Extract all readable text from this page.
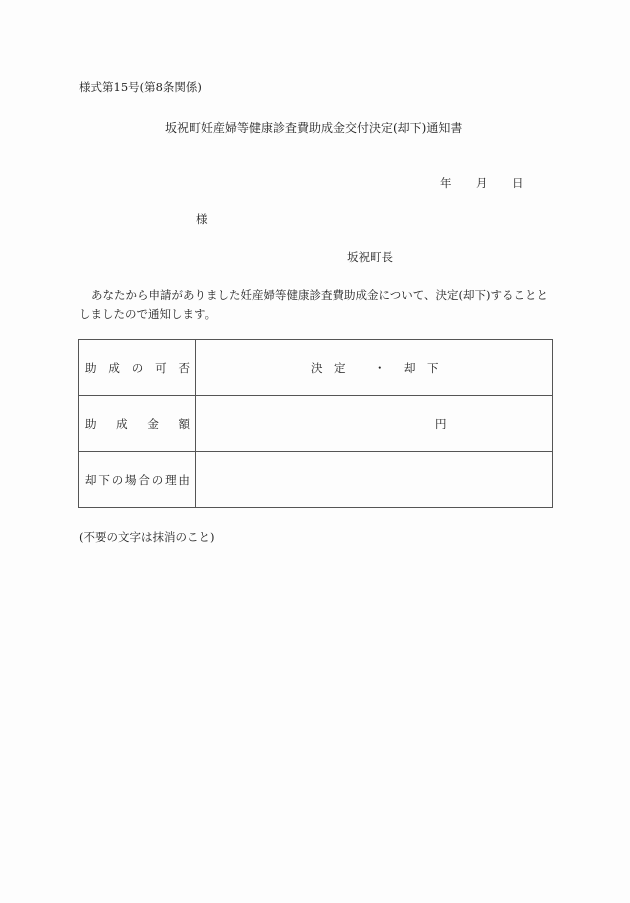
様式第15号(第8条関係)
坂祝町妊産婦等健康診査費助成金交付決定(却下)通知書
年 月 日
様
坂祝町長
あなたから申請がありました妊産婦等健康診査費助成金について、決定(却下)することとしましたので通知します。
助 成 の 可 否	決 定 ・ 却 下

助 成 金 額	円

却 下 の 場 合 の 理 由

(不要の文字は抹消のこと)
